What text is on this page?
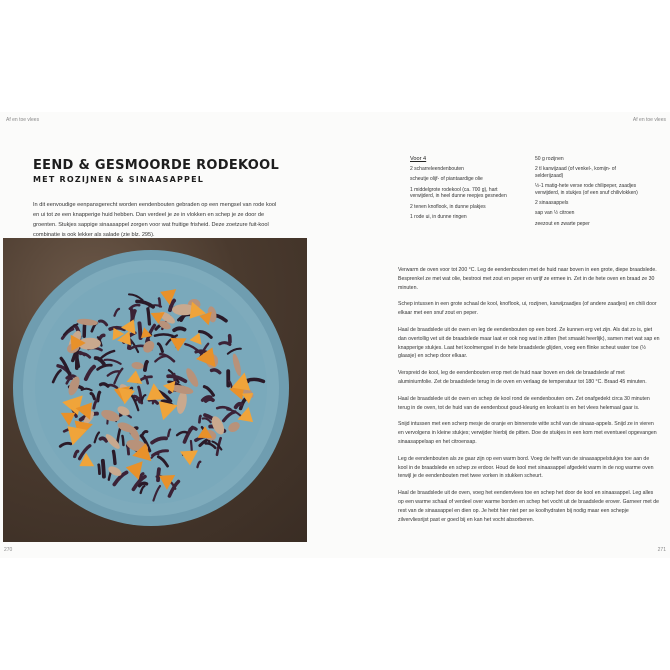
Af en toe vlees	Af en toe vlees
EEND & GESMOORDE RODEKOOL
MET ROZIJNEN & SINAASAPPEL
In dit eenvoudige eenpansgerecht worden eendenbouten gebraden op een mengsel van rode kool en ui tot ze een knapperige huid hebben. Dan verdeel je ze in vlokken en schep je ze door de groenten. Stukjes sappige sinaasappel zorgen voor wat fruitige frisheid. Deze zoetzure fuit-kool combinatie is ook lekker als salade (zie blz. 295).
270	271
Voor 4
2 scharreleendenbouten
scheutje olijf- of piantaardige olie
1 middelgrote rodekool (ca. 700 g), hart verwijderd, in heel dunne reepjes gesneden
2 tenen knoflook, in dunne plakjes
1 rode ui, in dunne ringen
50 g rozijnen
2 tl karwijzaad (of venkel-, komijn- of selderijzaad)
½-1 matig-hete verse rode chilipeper, zaadjes verwijderd, in stukjes (of een snuf chilivlokken)
2 sinaasappels
sap van ½ citroen
zeezout en zwarte peper

Verwarm de oven voor tot 200 °C. Leg de eendenbouten met de huid naar boven in een grote, diepe braadslede. Besprenkel ze met wat olie, bestrooi met zout en peper en wrijf ze ermee in. Zet in de hete oven en braad ze 30 minuten.

Schep intussen in een grote schaal de kool, knoflook, ui, rozijnen, karwijzaadjes (of andere zaadjes) en chili door elkaar met een snuf zout en peper.

Haal de braadslede uit de oven en leg de eendenbouten op een bord. Ze kunnen erg vet zijn. Als dat zo is, giet dan overtollig vet uit de braadslede maar laat er ook nog wat in zitten (het smaakt heerlijk), samen met wat sap en knapperige stukjes. Laat het koolmengsel in de hete braadslede glijden, voeg een flinke scheut water toe (½ glaasje) en schep door elkaar.

Verspreid de kool, leg de eendenbouten erop met de huid naar boven en dek de braadslede af met aluminiumfolie. Zet de braadslede terug in de oven en verlaag de temperatuur tot 180 °C. Braad 45 minuten.

Haal de braadslede uit de oven en schep de kool rond de eendenbouten om. Zet onafgedekt circa 30 minuten terug in de oven, tot de huid van de eendenbout goud-kleurig en krokant is en het vlees helemaal gaar is.

Snijd intussen met een scherp mesje de oranje en binnenste witte schil van de sinaas-appels. Snijd ze in vieren en vervolgens in kleine stukjes; verwijder hierbij de pitten. Doe de stukjes in een kom met eventueel opgevangen sinaasappelsap en het citroensap.

Leg de eendenbouten als ze gaar zijn op een warm bord. Voeg de helft van de sinaasappelstukjes toe aan de kool in de braadslede en schep ze erdoor. Houd de kool met sinaasappel afgedekt warm in de nog warme oven terwijl je de eendenbouten met twee vorken in stukken scheurt.

Haal de braadslede uit de oven, voeg het eendenvlees toe en schep het door de kool en sinaasappel. Leg alles op een warme schaal of verdeel over warme borden en schep het vocht uit de braadslede erover. Garneer met de rest van de sinaasappel en dien op. Je hebt hier niet per se koolhydraten bij nodig maar een schepje zilvervliesrijst past er goed bij en kan het vocht absorberen.
